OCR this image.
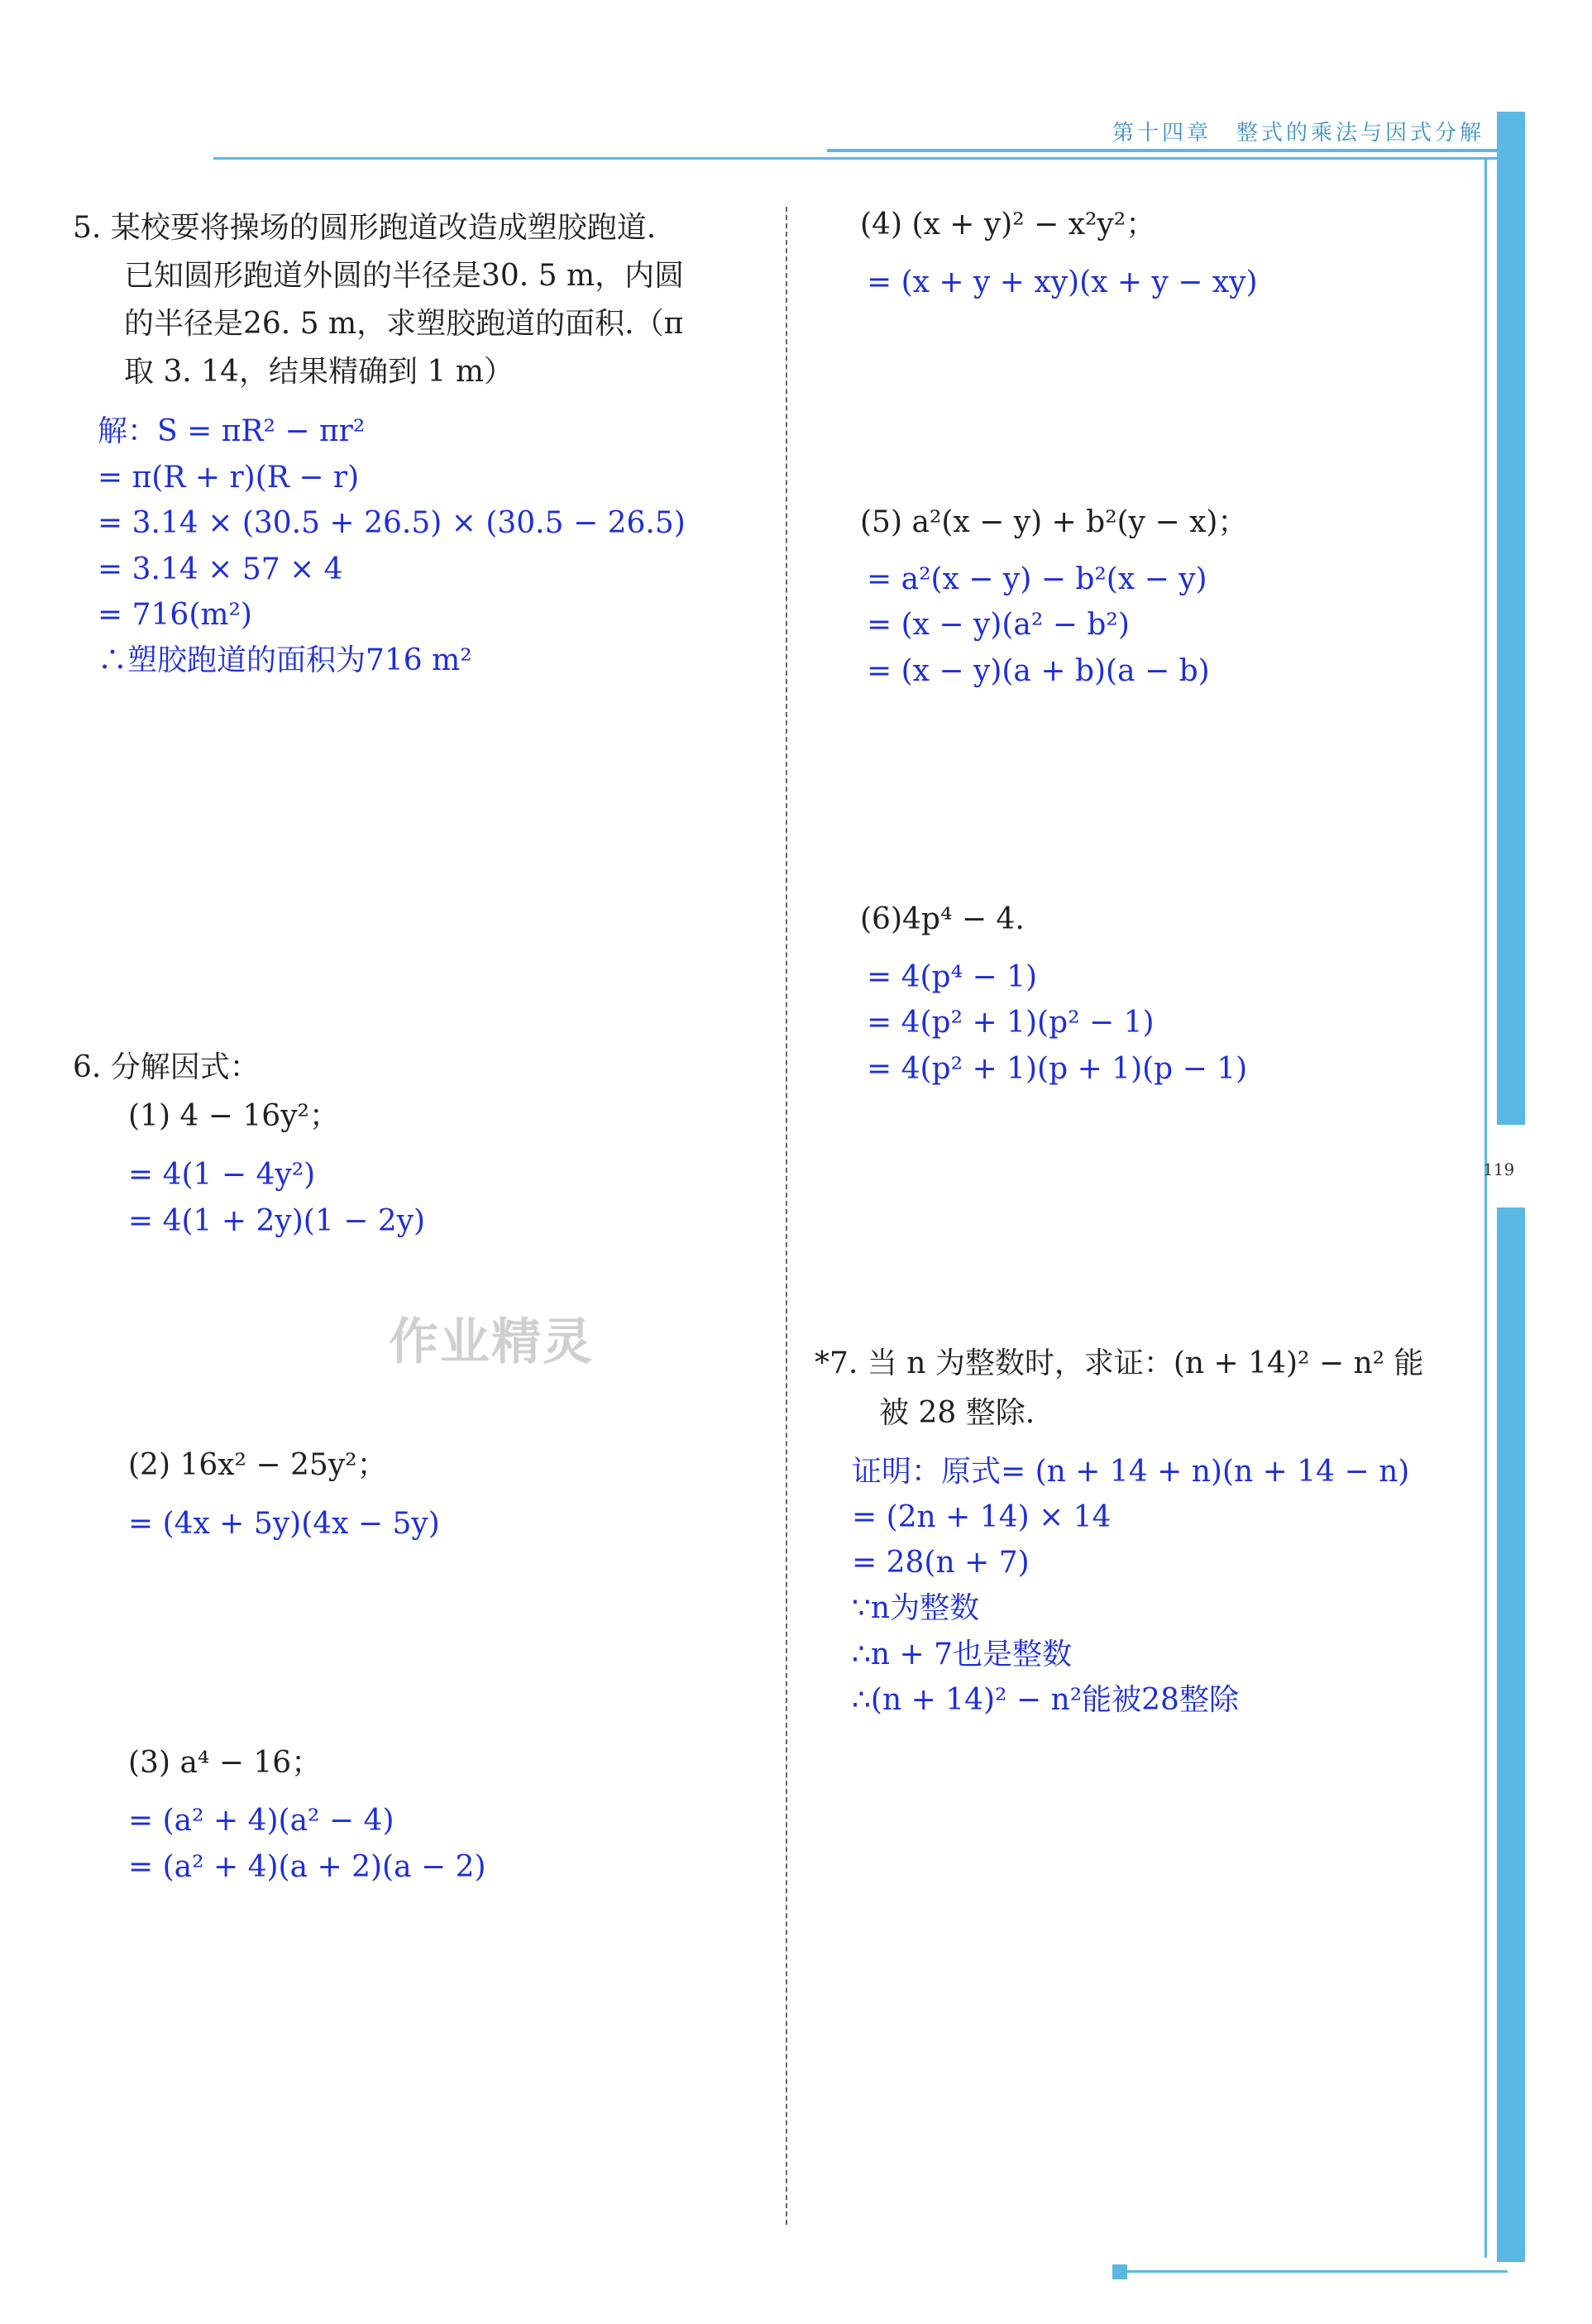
第十四章　整式的乘法与因式分解
119
作业精灵
5. 某校要将操场的圆形跑道改造成塑胶跑道.
已知圆形跑道外圆的半径是30. 5 m，内圆
的半径是26. 5 m，求塑胶跑道的面积.（π
取 3. 14，结果精确到 1 m）
解：S = πR² − πr²
= π(R + r)(R − r)
= 3.14 × (30.5 + 26.5) × (30.5 − 26.5)
= 3.14 × 57 × 4
= 716(m²)
∴塑胶跑道的面积为716 m²
6. 分解因式：
(1) 4 − 16y²；
= 4(1 − 4y²)
= 4(1 + 2y)(1 − 2y)
(2) 16x² − 25y²；
= (4x + 5y)(4x − 5y)
(3) a⁴ − 16；
= (a² + 4)(a² − 4)
= (a² + 4)(a + 2)(a − 2)
(4) (x + y)² − x²y²；
= (x + y + xy)(x + y − xy)
(5) a²(x − y) + b²(y − x)；
= a²(x − y) − b²(x − y)
= (x − y)(a² − b²)
= (x − y)(a + b)(a − b)
(6)4p⁴ − 4.
= 4(p⁴ − 1)
= 4(p² + 1)(p² − 1)
= 4(p² + 1)(p + 1)(p − 1)
*7. 当 n 为整数时，求证：(n + 14)² − n² 能
被 28 整除.
证明：原式= (n + 14 + n)(n + 14 − n)
= (2n + 14) × 14
= 28(n + 7)
∵n为整数
∴n + 7也是整数
∴(n + 14)² − n²能被28整除
